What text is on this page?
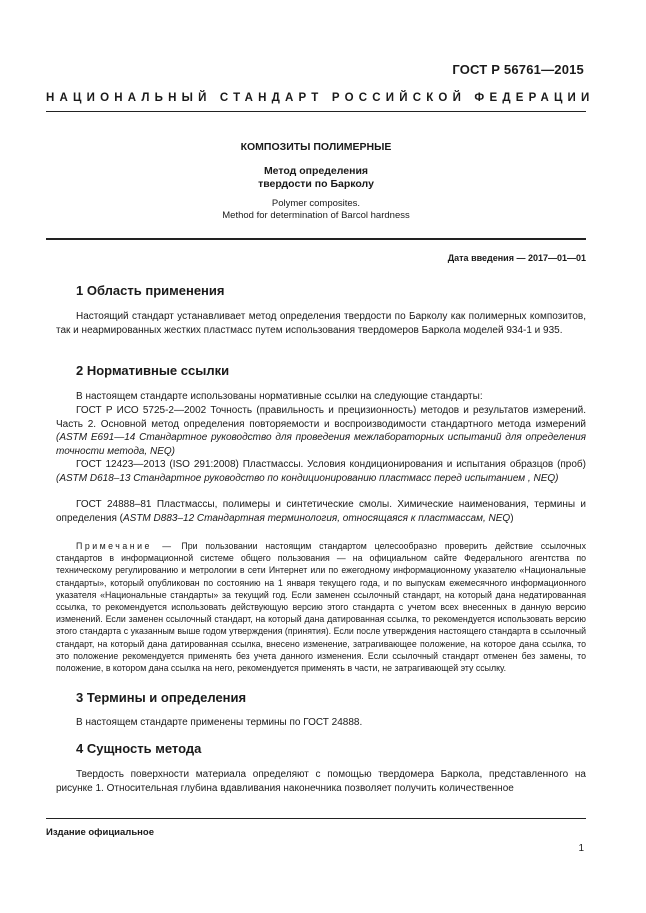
ГОСТ Р 56761—2015
НАЦИОНАЛЬНЫЙ СТАНДАРТ РОССИЙСКОЙ ФЕДЕРАЦИИ
КОМПОЗИТЫ ПОЛИМЕРНЫЕ
Метод определения
твердости по Барколу
Polymer composites.
Method for determination of Barcol hardness
Дата введения — 2017—01—01
1 Область применения
Настоящий стандарт устанавливает метод определения твердости по Барколу как полимерных композитов, так и неармированных жестких пластмасс путем использования твердомеров Баркола моделей 934-1 и 935.
2 Нормативные ссылки
В настоящем стандарте использованы нормативные ссылки на следующие стандарты:
ГОСТ Р ИСО 5725-2—2002 Точность (правильность и прецизионность) методов и результатов измерений. Часть 2. Основной метод определения повторяемости и воспроизводимости стандартного метода измерений (ASTM E691—14 Стандартное руководство для проведения межлабораторных испытаний для определения точности метода, NEQ)
ГОСТ 12423—2013 (ISO 291:2008) Пластмассы. Условия кондиционирования и испытания образцов (проб) (ASTM D618–13 Стандартное руководство по кондиционированию пластмасс перед испытанием , NEQ)
ГОСТ 24888–81 Пластмассы, полимеры и синтетические смолы. Химические наименования, термины и определения (ASTM D883–12 Стандартная терминология, относящаяся к пластмассам, NEQ)
Примечание — При пользовании настоящим стандартом целесообразно проверить действие ссылочных стандартов в информационной системе общего пользования — на официальном сайте Федерального агентства по техническому регулированию и метрологии в сети Интернет или по ежегодному информационному указателю «Национальные стандарты», который опубликован по состоянию на 1 января текущего года, и по выпускам ежемесячного информационного указателя «Национальные стандарты» за текущий год. Если заменен ссылочный стандарт, на который дана недатированная ссылка, то рекомендуется использовать действующую версию этого стандарта с учетом всех внесенных в данную версию изменений. Если заменен ссылочный стандарт, на который дана датированная ссылка, то рекомендуется использовать версию этого стандарта с указанным выше годом утверждения (принятия). Если после утверждения настоящего стандарта в ссылочный стандарт, на который дана датированная ссылка, внесено изменение, затрагивающее положение, на которое дана ссылка, то это положение рекомендуется применять без учета данного изменения. Если ссылочный стандарт отменен без замены, то положение, в котором дана ссылка на него, рекомендуется применять в части, не затрагивающей эту ссылку.
3 Термины и определения
В настоящем стандарте применены термины по ГОСТ 24888.
4 Сущность метода
Твердость поверхности материала определяют с помощью твердомера Баркола, представленного на рисунке 1. Относительная глубина вдавливания наконечника позволяет получить количественное
Издание официальное
1
